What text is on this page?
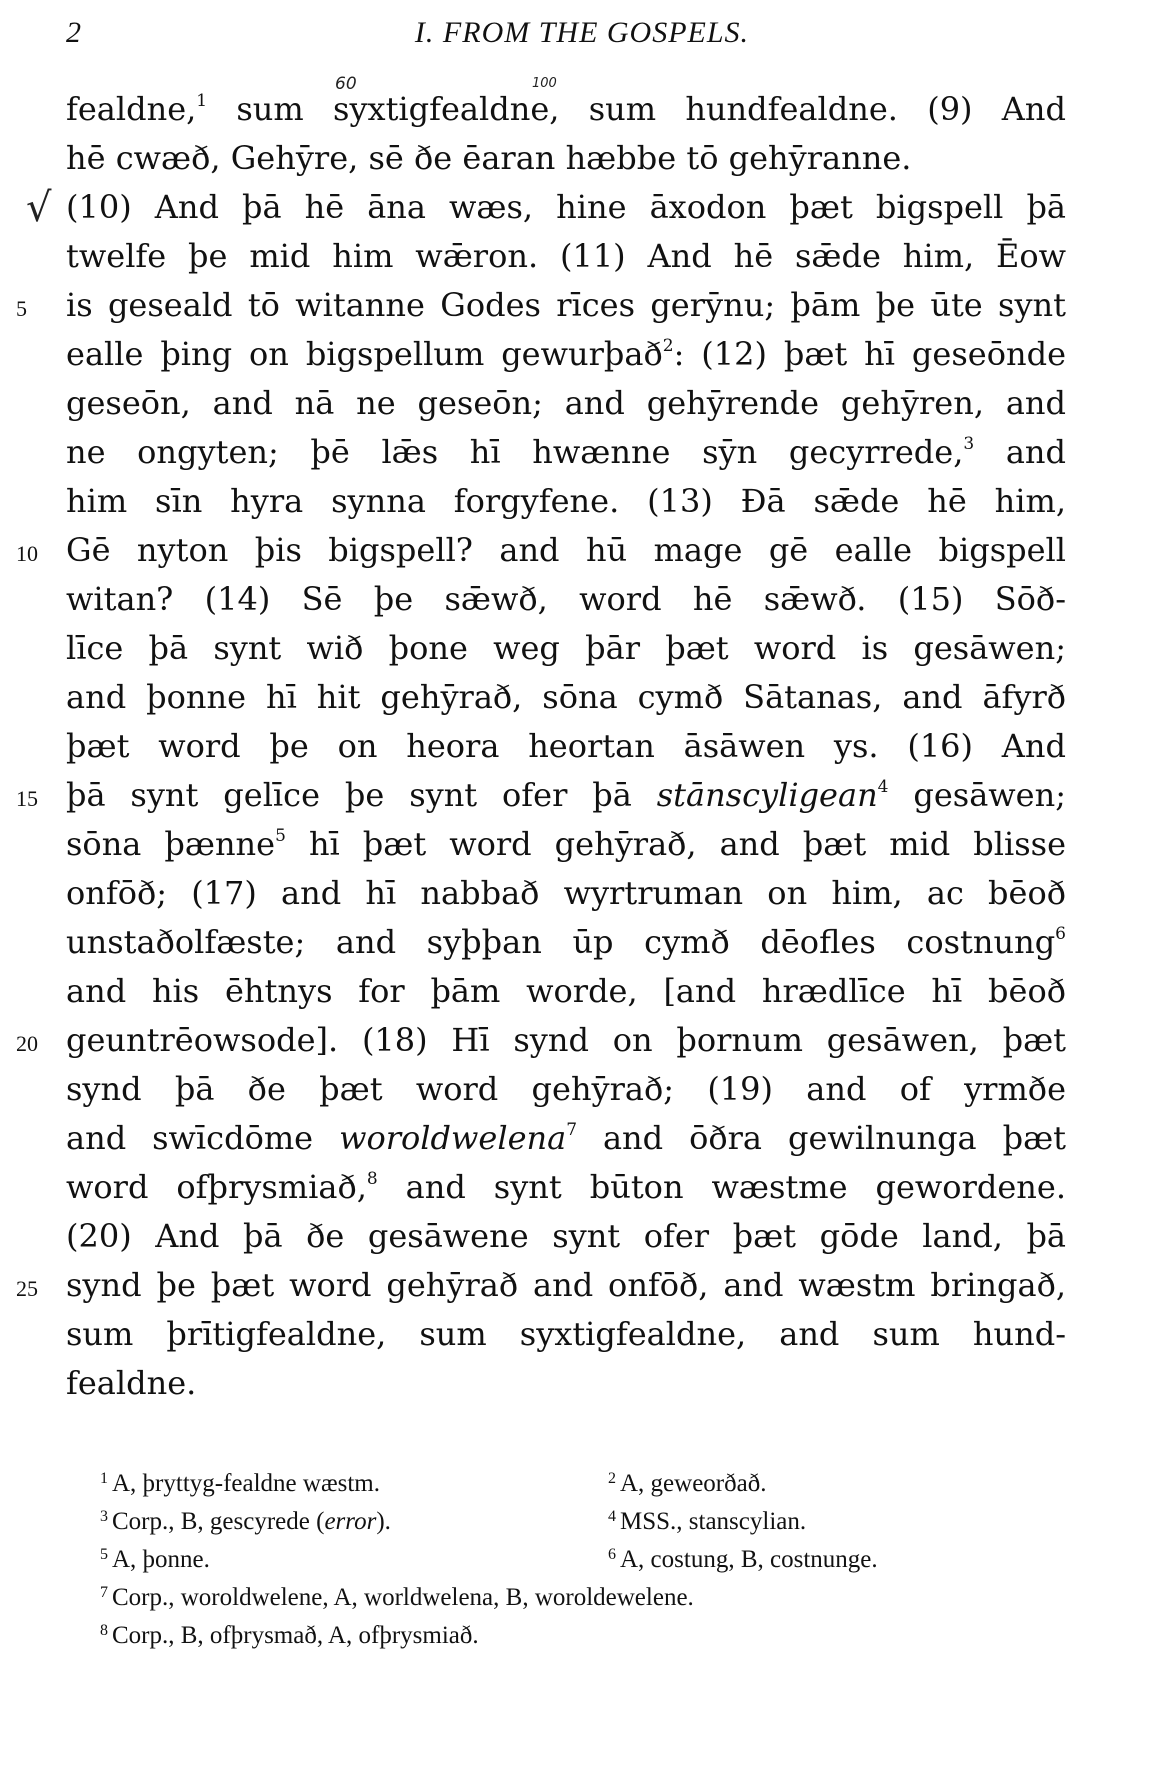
2	I. FROM THE GOSPELS.
60	100
√
fealdne,$^1$ sum syxtigfealdne, sum hundfealdne. (9) And
hē cwæð, Gehȳre, sē ðe ēaran hæbbe tō gehȳranne.
(10) And þā hē āna wæs, hine āxodon þæt bigspell þā
twelfe þe mid him wǣron. (11) And hē sǣde him, Ēow
5 is geseald tō witanne Godes rīces gerȳnu; þām þe ūte synt
ealle þing on bigspellum gewurþað$^2$: (12) þæt hī geseōnde
geseōn, and nā ne geseōn; and gehȳrende gehȳren, and
ne ongyten; þē lǣs hī hwænne sȳn gecyrrede,$^3$ and
him sīn hyra synna forgyfene. (13) Ðā sǣde hē him,
10 Gē nyton þis bigspell? and hū mage gē ealle bigspell
witan? (14) Sē þe sǣwð, word hē sǣwð. (15) Sōð-
līce þā synt wið þone weg þār þæt word is gesāwen;
and þonne hī hit gehȳrað, sōna cymð Sātanas, and āfyrð
þæt word þe on heora heortan āsāwen ys. (16) And
15 þā synt gelīce þe synt ofer þā stānscyligean$^4$ gesāwen;
sōna þænne$^5$ hī þæt word gehȳrað, and þæt mid blisse
onfōð; (17) and hī nabbað wyrtruman on him, ac bēoð
unstaðolfæste; and syþþan ūp cymð dēofles costnung$^6$
and his ēhtnys for þām worde, [and hrædlīce hī bēoð
20 geuntrēowsode]. (18) Hī synd on þornum gesāwen, þæt
synd þā ðe þæt word gehȳrað; (19) and of yrmðe
and swīcdōme woroldwelena$^7$ and ōðra gewilnunga þæt
word ofþrysmiað,$^8$ and synt būton wæstme gewordene.
(20) And þā ðe gesāwene synt ofer þæt gōde land, þā
25 synd þe þæt word gehȳrað and onfōð, and wæstm bringað,
sum þrītigfealdne, sum syxtigfealdne, and sum hund-
fealdne.
$^1$ A, þryttyg-fealdne wæstm.	$^2$ A, geweorðað.
$^3$ Corp., B, gescyrede (error).	$^4$ MSS., stanscylian.
$^5$ A, þonne.	$^6$ A, costung, B, costnunge.
$^7$ Corp., woroldwelene, A, worldwelena, B, woroldewelene.
$^8$ Corp., B, ofþrysmað, A, ofþrysmiað.
